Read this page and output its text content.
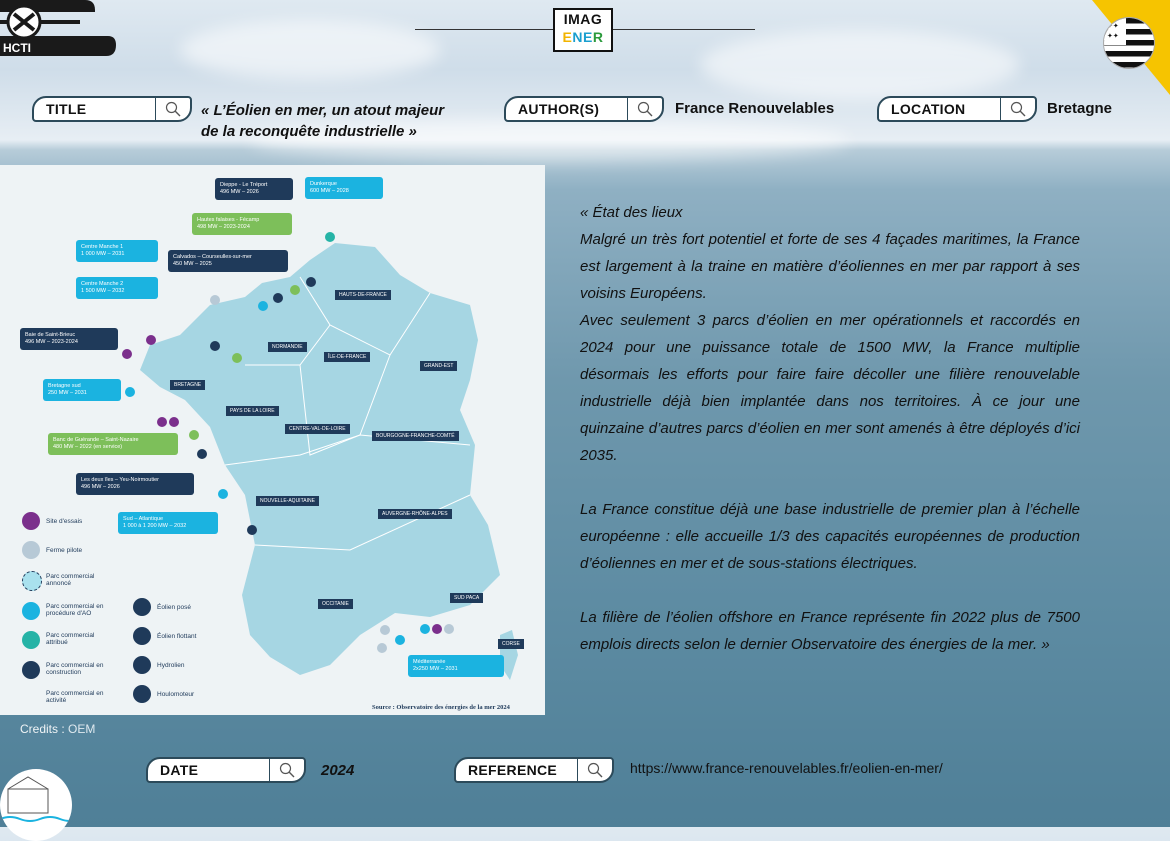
HCTI
IMAG
ENER
✦✦
✦✦
TITLE	« L’Éolien en mer, un atout majeur
de la reconquête industrielle »
AUTHOR(S)	France Renouvelables	LOCATION	Bretagne
Dieppe - Le Tréport
496 MW – 2026
Dunkerque
600 MW – 2028
Hautes falaises - Fécamp
498 MW – 2023-2024
Centre Manche 1
1 000 MW – 2031	Calvados – Courseulles-sur-mer
450 MW – 2025
Centre Manche 2
1 500 MW – 2032
Baie de Saint-Brieuc
496 MW – 2023-2024
Bretagne sud
250 MW – 2031
Banc de Guérande – Saint-Nazaire
480 MW – 2022 (en service)
Les deux îles – Yeu-Noirmoutier
496 MW – 2026
Sud – Atlantique
1 000 à 1 200 MW – 2032
Méditerranée
2x250 MW – 2031
HAUTS-DE-FRANCE
NORMANDIE
ÎLE-DE-FRANCE
GRAND-EST
BRETAGNE
PAYS DE LA LOIRE
CENTRE-VAL-DE-LOIRE
BOURGOGNE-FRANCHE-COMTÉ
NOUVELLE-AQUITAINE
AUVERGNE-RHÔNE-ALPES
OCCITANIE
SUD PACA
CORSE
Site d'essais
Ferme pilote
Parc commercial annoncé
Parc commercial en procédure d'AO
Parc commercial attribué
Parc commercial en construction
Parc commercial en activité
Éolien posé
Éolien flottant
Hydrolien
Houlomoteur
Source : Observatoire des énergies de la mer 2024
Credits : OEM

« État des lieux

Malgré un très fort potentiel et forte de ses 4 façades maritimes, la France est largement à la traine en matière d’éoliennes en mer par rapport à ses voisins Européens.

Avec seulement 3 parcs d’éolien en mer opérationnels et raccordés en 2024 pour une puissance totale de 1500 MW, la France multiplie désormais les efforts pour faire faire décoller une filière renouvelable industrielle déjà bien implantée dans nos territoires. À ce jour une quinzaine d’autres parcs d’éolien en mer sont amenés à être déployés d’ici 2035.

La France constitue déjà une base industrielle de premier plan à l’échelle européenne : elle accueille 1/3 des capacités européennes de production d’éoliennes en mer et de sous-stations électriques.

La filière de l’éolien offshore en France représente fin 2022 plus de 7500 emplois directs selon le dernier Observatoire des énergies de la mer. »

DATE	2024	REFERENCE	https://www.france-renouvelables.fr/eolien-en-mer/
